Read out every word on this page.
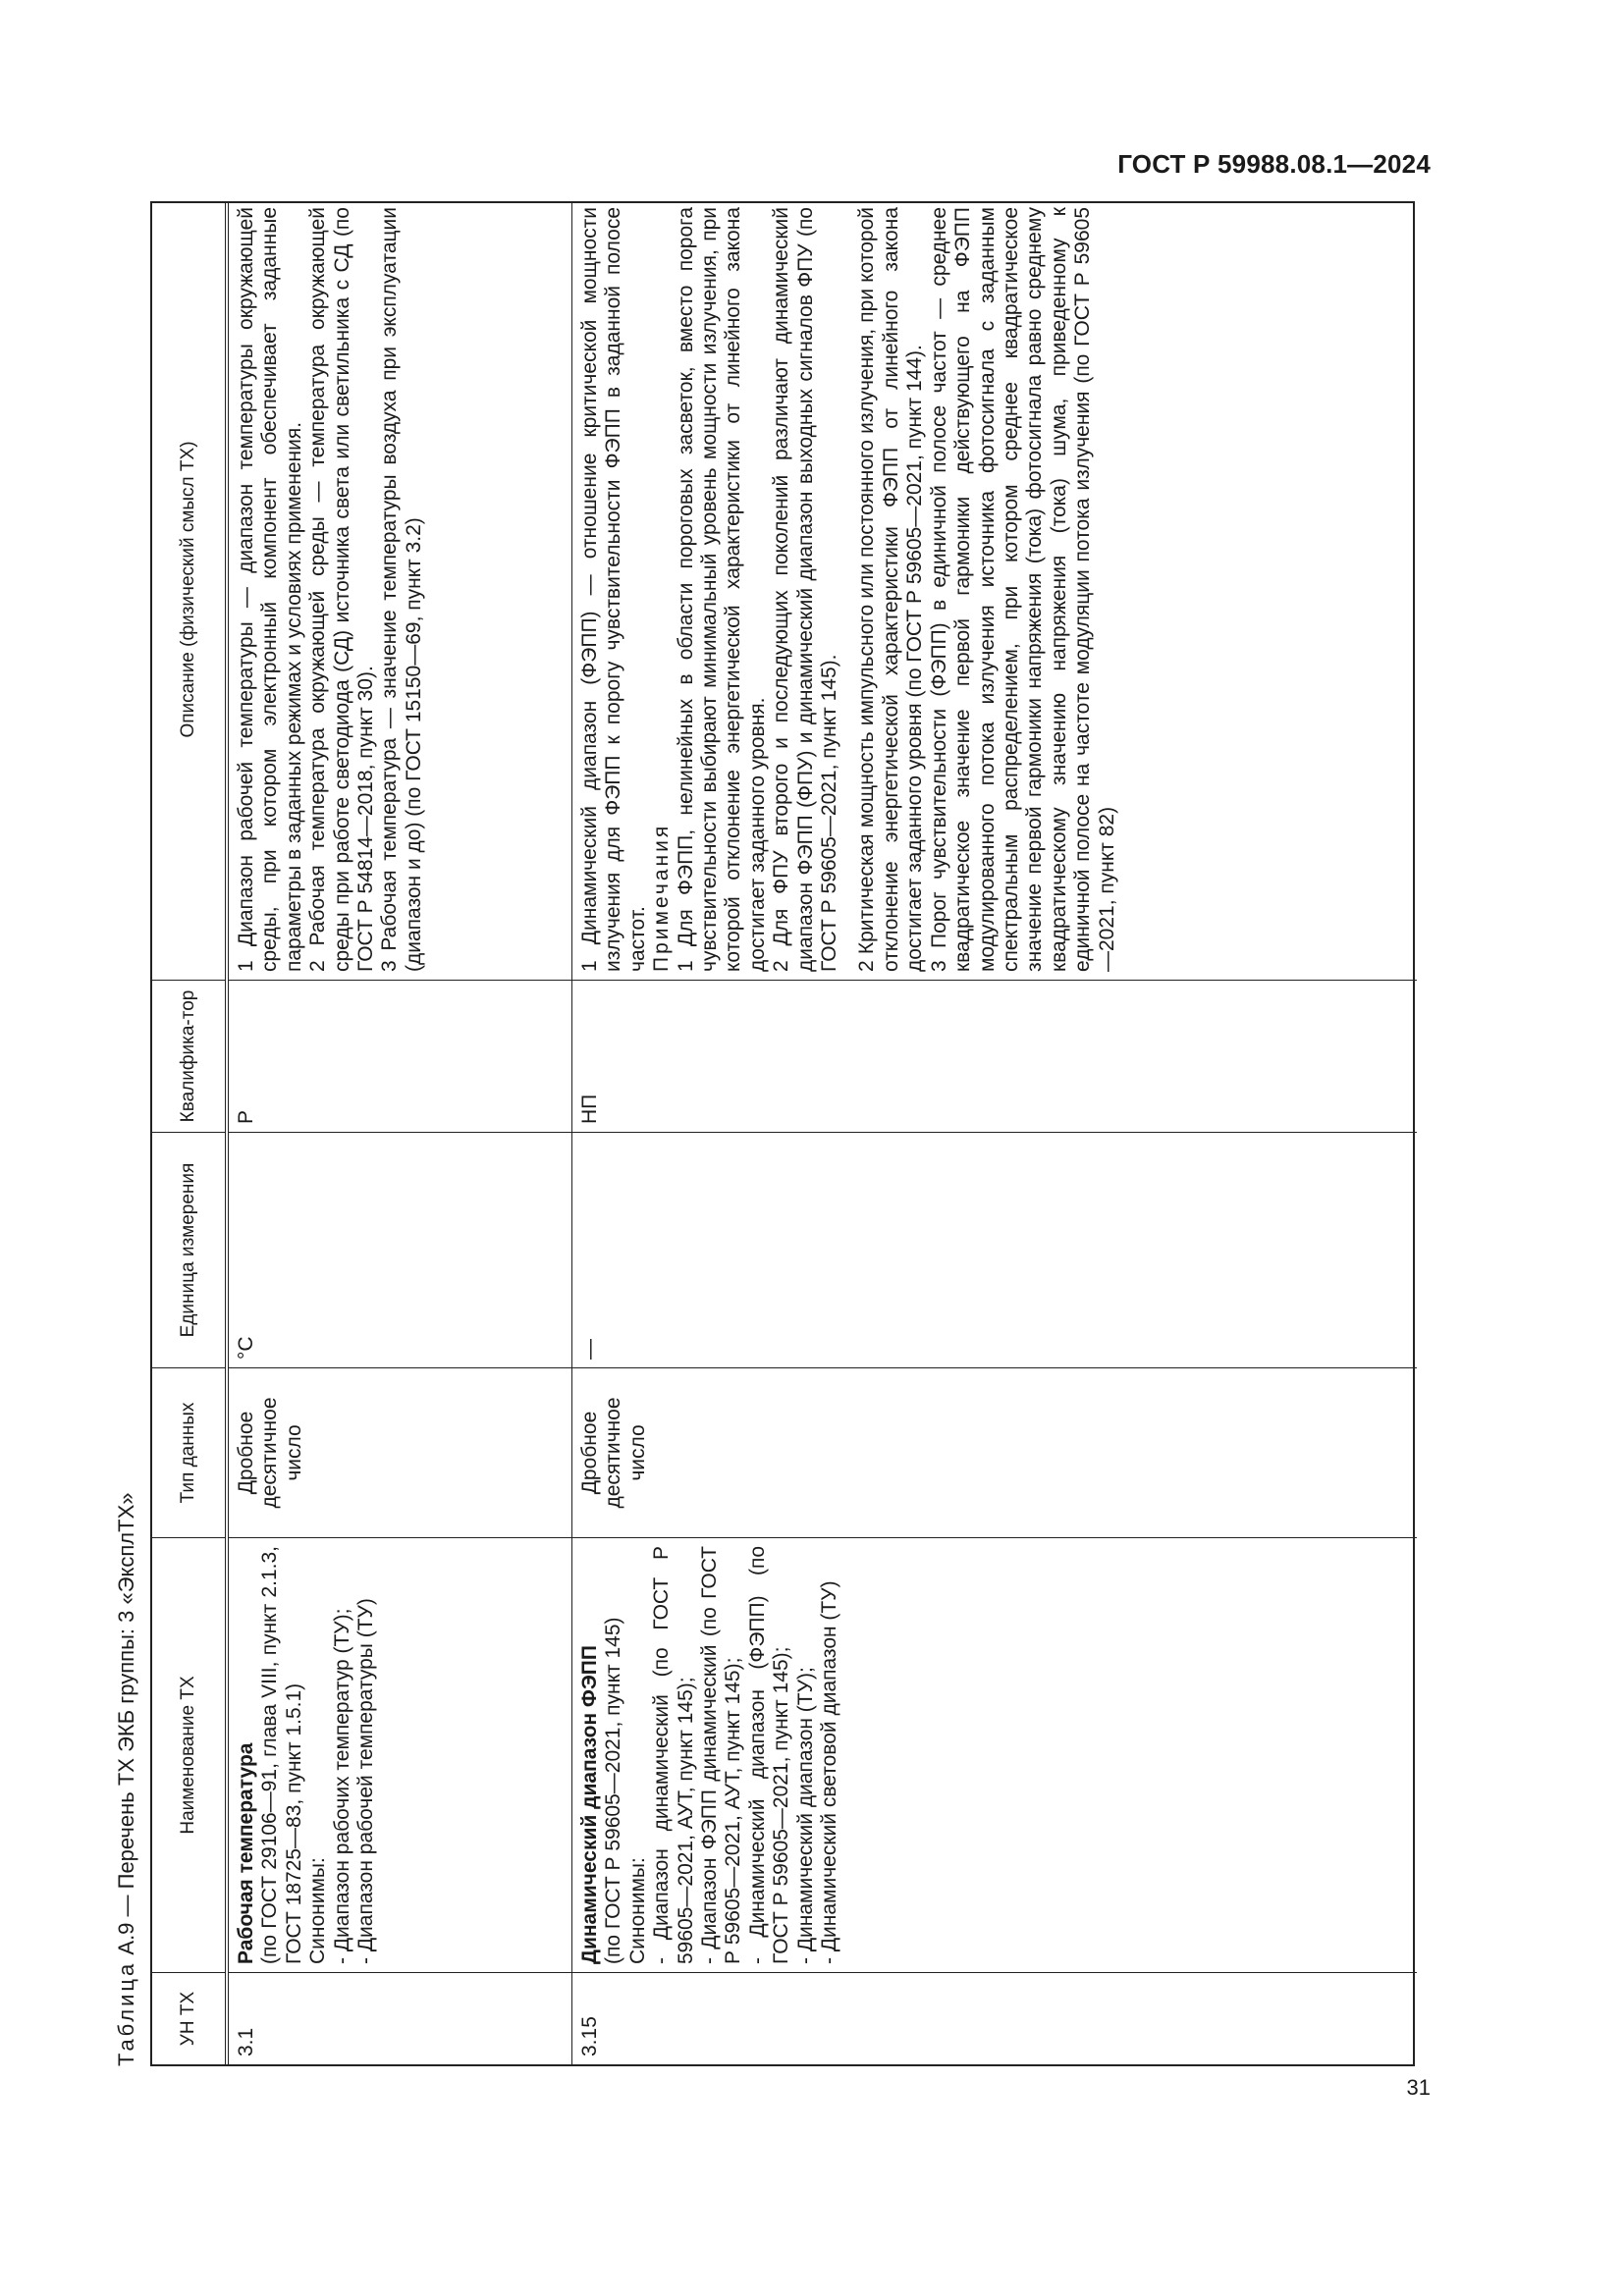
ГОСТ Р 59988.08.1—2024
Таблица А.9 — Перечень ТХ ЭКБ группы: 3 «ЭксплТХ»
УН ТХ
Наименование ТХ
Тип данных
Единица измерения
Квалифика-тор
Описание (физический смысл ТХ)
3.1

Рабочая температура (по ГОСТ 29106—91, глава VIII, пункт 2.1.3, ГОСТ 18725—83, пункт 1.5.1) Синонимы: - Диапазон рабочих температур (ТУ); - Диапазон рабочей температуры (ТУ)

Дробное десятичное число
°С
Р

1 Диапазон рабочей температуры — диапазон температуры окружающей среды, при котором электронный компонент обеспечивает заданные параметры в заданных режимах и условиях применения. 2 Рабочая температура окружающей среды — температура окружающей среды при работе светодиода (СД) источника света или светильника с СД (по ГОСТ Р 54814—2018, пункт 30). 3 Рабочая температура — значение температуры воздуха при эксплуатации (диапазон и до) (по ГОСТ 15150—69, пункт 3.2)

3.15

Динамический диапазон ФЭПП (по ГОСТ Р 59605—2021, пункт 145) Синонимы: - Диапазон динамический (по ГОСТ Р 59605—2021, АУТ, пункт 145); - Диапазон ФЭПП динамический (по ГОСТ Р 59605—2021, АУТ, пункт 145); - Динамический диапазон (ФЭПП) (по ГОСТ Р 59605—2021, пункт 145); - Динамический диапазон (ТУ); - Динамический световой диапазон (ТУ)

Дробное десятичное число
—
НП

1 Динамический диапазон (ФЭПП) — отношение критической мощности излучения для ФЭПП к порогу чувствительности ФЭПП в заданной полосе частот. Примечания 1 Для ФЭПП, нелинейных в области пороговых засветок, вместо порога чувствительности выбирают минимальный уровень мощности излучения, при которой отклонение энергетической характеристики от линейного закона достигает заданного уровня. 2 Для ФПУ второго и последующих поколений различают динамический диапазон ФЭПП (ФПУ) и динамический диапазон выходных сигналов ФПУ (по ГОСТ Р 59605—2021, пункт 145). 2 Критическая мощность импульсного или постоянного излучения, при которой отклонение энергетической характеристики ФЭПП от линейного закона достигает заданного уровня (по ГОСТ Р 59605—2021, пункт 144). 3 Порог чувствительности (ФЭПП) в единичной полосе частот — среднее квадратическое значение первой гармоники действующего на ФЭПП модулированного потока излучения источника фотосигнала с заданным спектральным распределением, при котором среднее квадратическое значение первой гармоники напряжения (тока) фотосигнала равно среднему квадратическому значению напряжения (тока) шума, приведенному к единичной полосе на частоте модуляции потока излучения (по ГОСТ Р 59605—2021, пункт 82)

31
